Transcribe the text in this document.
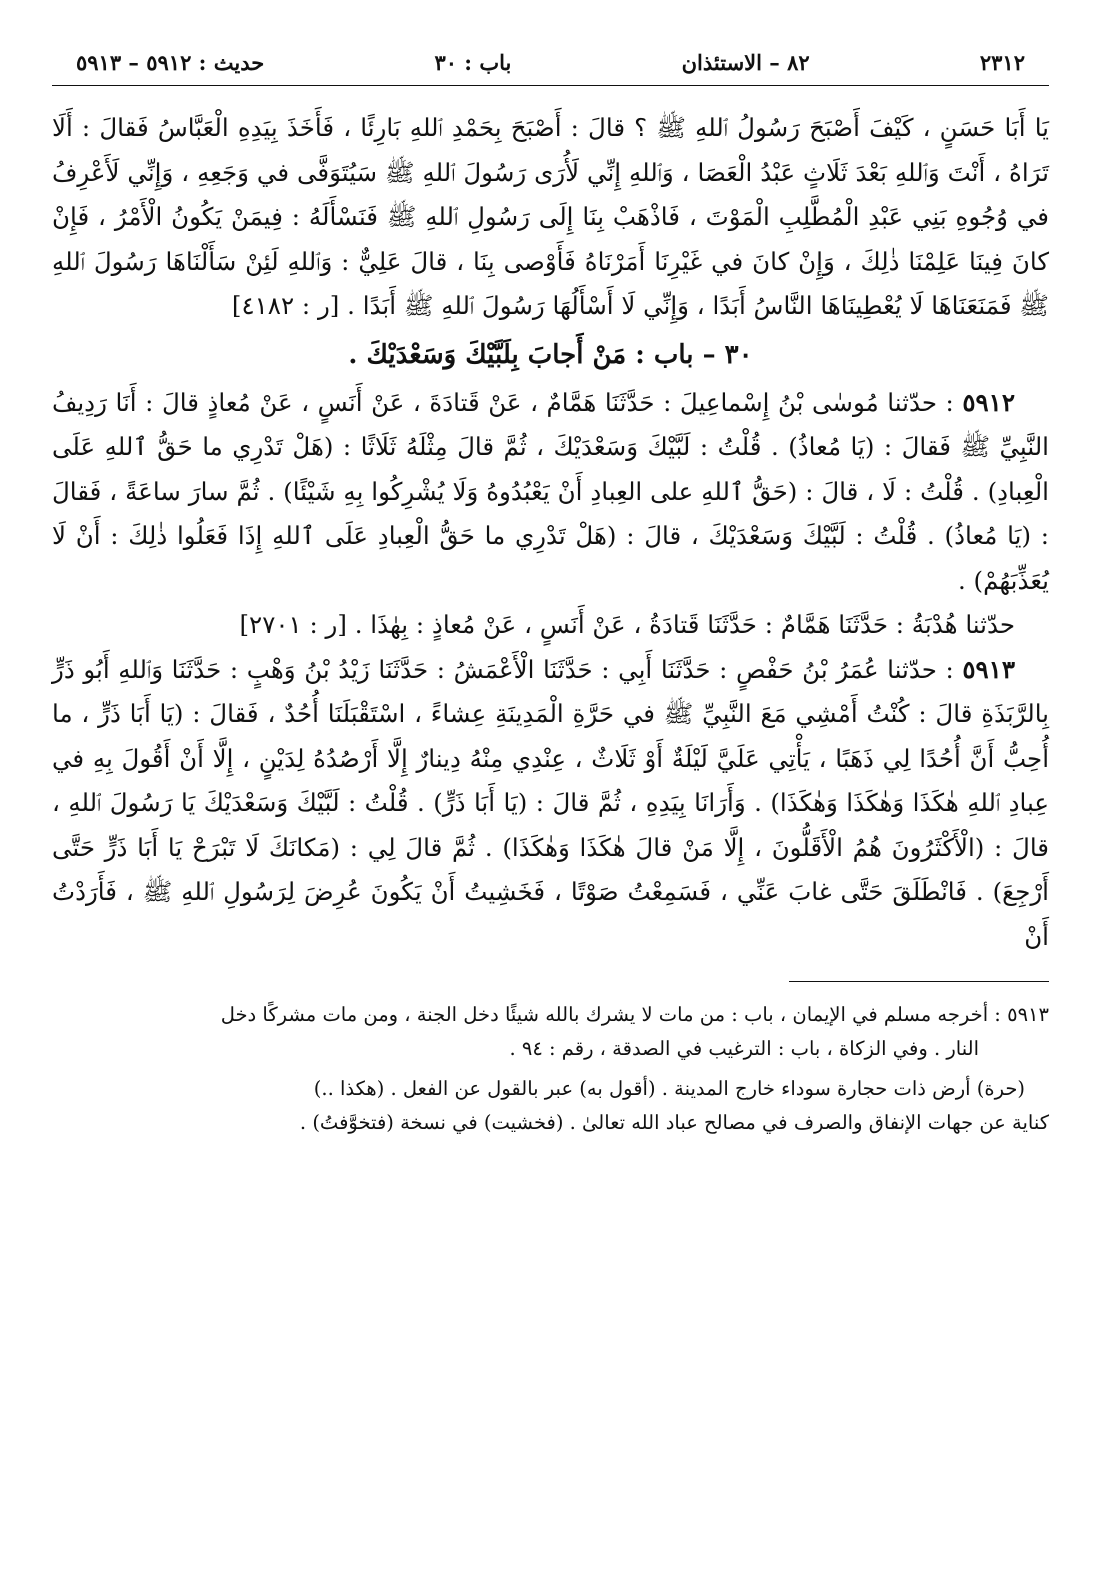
٢٣١٢
٨٢ – الاستئذان
باب : ٣٠
حديث : ٥٩١٢ – ٥٩١٣

يَا أَبَا حَسَنٍ ، كَيْفَ أَصْبَحَ رَسُولُ ٱللهِ ﷺ ؟ قالَ : أَصْبَحَ بِحَمْدِ ٱللهِ بَارِئًا ، فَأَخَذَ بِيَدِهِ الْعَبَّاسُ فَقالَ : أَلَا تَرَاهُ ، أَنْتَ وَٱللهِ بَعْدَ ثَلَاثٍ عَبْدُ الْعَصَا ، وَٱللهِ إِنِّي لَأُرَى رَسُولَ ٱللهِ ﷺ سَيُتَوَفَّى في وَجَعِهِ ، وَإِنِّي لَأَعْرِفُ في وُجُوهِ بَنِي عَبْدِ الْمُطَّلِبِ الْمَوْتَ ، فَاذْهَبْ بِنَا إِلَى رَسُولِ ٱللهِ ﷺ فَنَسْأَلَهُ : فِيمَنْ يَكُونُ الْأَمْرُ ، فَإِنْ كانَ فِينَا عَلِمْنَا ذٰلِكَ ، وَإِنْ كانَ في غَيْرِنَا أَمَرْنَاهُ فَأَوْصى بِنَا ، قالَ عَلِيٌّ : وَٱللهِ لَئِنْ سَأَلْنَاهَا رَسُولَ ٱللهِ ﷺ فَمَنَعَنَاهَا لَا يُعْطِينَاهَا النَّاسُ أَبَدًا ، وَإِنِّي لَا أَسْأَلُهَا رَسُولَ ٱللهِ ﷺ أَبَدًا . [ر : ٤١٨٢]

٣٠ – باب : مَنْ أَجابَ بِلَبَّيْكَ وَسَعْدَيْكَ .

٥٩١٢ : حدّثنا مُوسٰى بْنُ إِسْماعِيلَ : حَدَّثَنَا هَمَّامٌ ، عَنْ قَتادَةَ ، عَنْ أَنَسٍ ، عَنْ مُعاذٍ قالَ : أَنَا رَدِيفُ النَّبِيِّ ﷺ فَقالَ : (يَا مُعاذُ) . قُلْتُ : لَبَّيْكَ وَسَعْدَيْكَ ، ثُمَّ قالَ مِثْلَهُ ثَلَاثًا : (هَلْ تَدْرِي ما حَقُّ ٱللهِ عَلَى الْعِبادِ) . قُلْتُ : لَا ، قالَ : (حَقُّ ٱللهِ على العِبادِ أَنْ يَعْبُدُوهُ وَلَا يُشْرِكُوا بِهِ شَيْئًا) . ثُمَّ سارَ ساعَةً ، فَقالَ : (يَا مُعاذُ) . قُلْتُ : لَبَّيْكَ وَسَعْدَيْكَ ، قالَ : (هَلْ تَدْرِي ما حَقُّ الْعِبادِ عَلَى ٱللهِ إِذَا فَعَلُوا ذٰلِكَ : أَنْ لَا يُعَذِّبَهُمْ) .

حدّثنا هُدْبَةُ : حَدَّثَنَا هَمَّامٌ : حَدَّثَنَا قَتادَةُ ، عَنْ أَنَسٍ ، عَنْ مُعاذٍ : بِهٰذَا . [ر : ٢٧٠١]

٥٩١٣ : حدّثنا عُمَرُ بْنُ حَفْصٍ : حَدَّثَنَا أَبِي : حَدَّثَنَا الْأَعْمَشُ : حَدَّثَنَا زَيْدُ بْنُ وَهْبٍ : حَدَّثَنَا وَٱللهِ أَبُو ذَرٍّ بِالرَّبَذَةِ قالَ : كُنْتُ أَمْشِي مَعَ النَّبِيِّ ﷺ في حَرَّةِ الْمَدِينَةِ عِشاءً ، اسْتَقْبَلَنَا أُحُدٌ ، فَقالَ : (يَا أَبَا ذَرٍّ ، ما أُحِبُّ أَنَّ أُحُدًا لِي ذَهَبًا ، يَأْتِي عَلَيَّ لَيْلَةٌ أَوْ ثَلَاثٌ ، عِنْدِي مِنْهُ دِينارٌ إِلَّا أَرْصُدُهُ لِدَيْنٍ ، إِلَّا أَنْ أَقُولَ بِهِ في عِبادِ ٱللهِ هٰكَذَا وَهٰكَذَا وَهٰكَذَا) . وَأَرَانَا بِيَدِهِ ، ثُمَّ قالَ : (يَا أَبَا ذَرٍّ) . قُلْتُ : لَبَّيْكَ وَسَعْدَيْكَ يَا رَسُولَ ٱللهِ ، قالَ : (الْأَكْثَرُونَ هُمُ الْأَقَلُّونَ ، إِلَّا مَنْ قالَ هٰكَذَا وَهٰكَذَا) . ثُمَّ قالَ لِي : (مَكانَكَ لَا تَبْرَحْ يَا أَبَا ذَرٍّ حَتَّى أَرْجِعَ) . فَانْطَلَقَ حَتَّى غابَ عَنِّي ، فَسَمِعْتُ صَوْتًا ، فَخَشِيتُ أَنْ يَكُونَ عُرِضَ لِرَسُولِ ٱللهِ ﷺ ، فَأَرَدْتُ أَنْ

٥٩١٣ : أخرجه مسلم في الإيمان ، باب : من مات لا يشرك بالله شيئًا دخل الجنة ، ومن مات مشركًا دخل

النار . وفي الزكاة ، باب : الترغيب في الصدقة ، رقم : ٩٤ .

(حرة) أرض ذات حجارة سوداء خارج المدينة . (أقول به) عبر بالقول عن الفعل . (هكذا ..)

كناية عن جهات الإنفاق والصرف في مصالح عباد الله تعالىٰ . (فخشيت) في نسخة (فتخوَّفتُ) .
